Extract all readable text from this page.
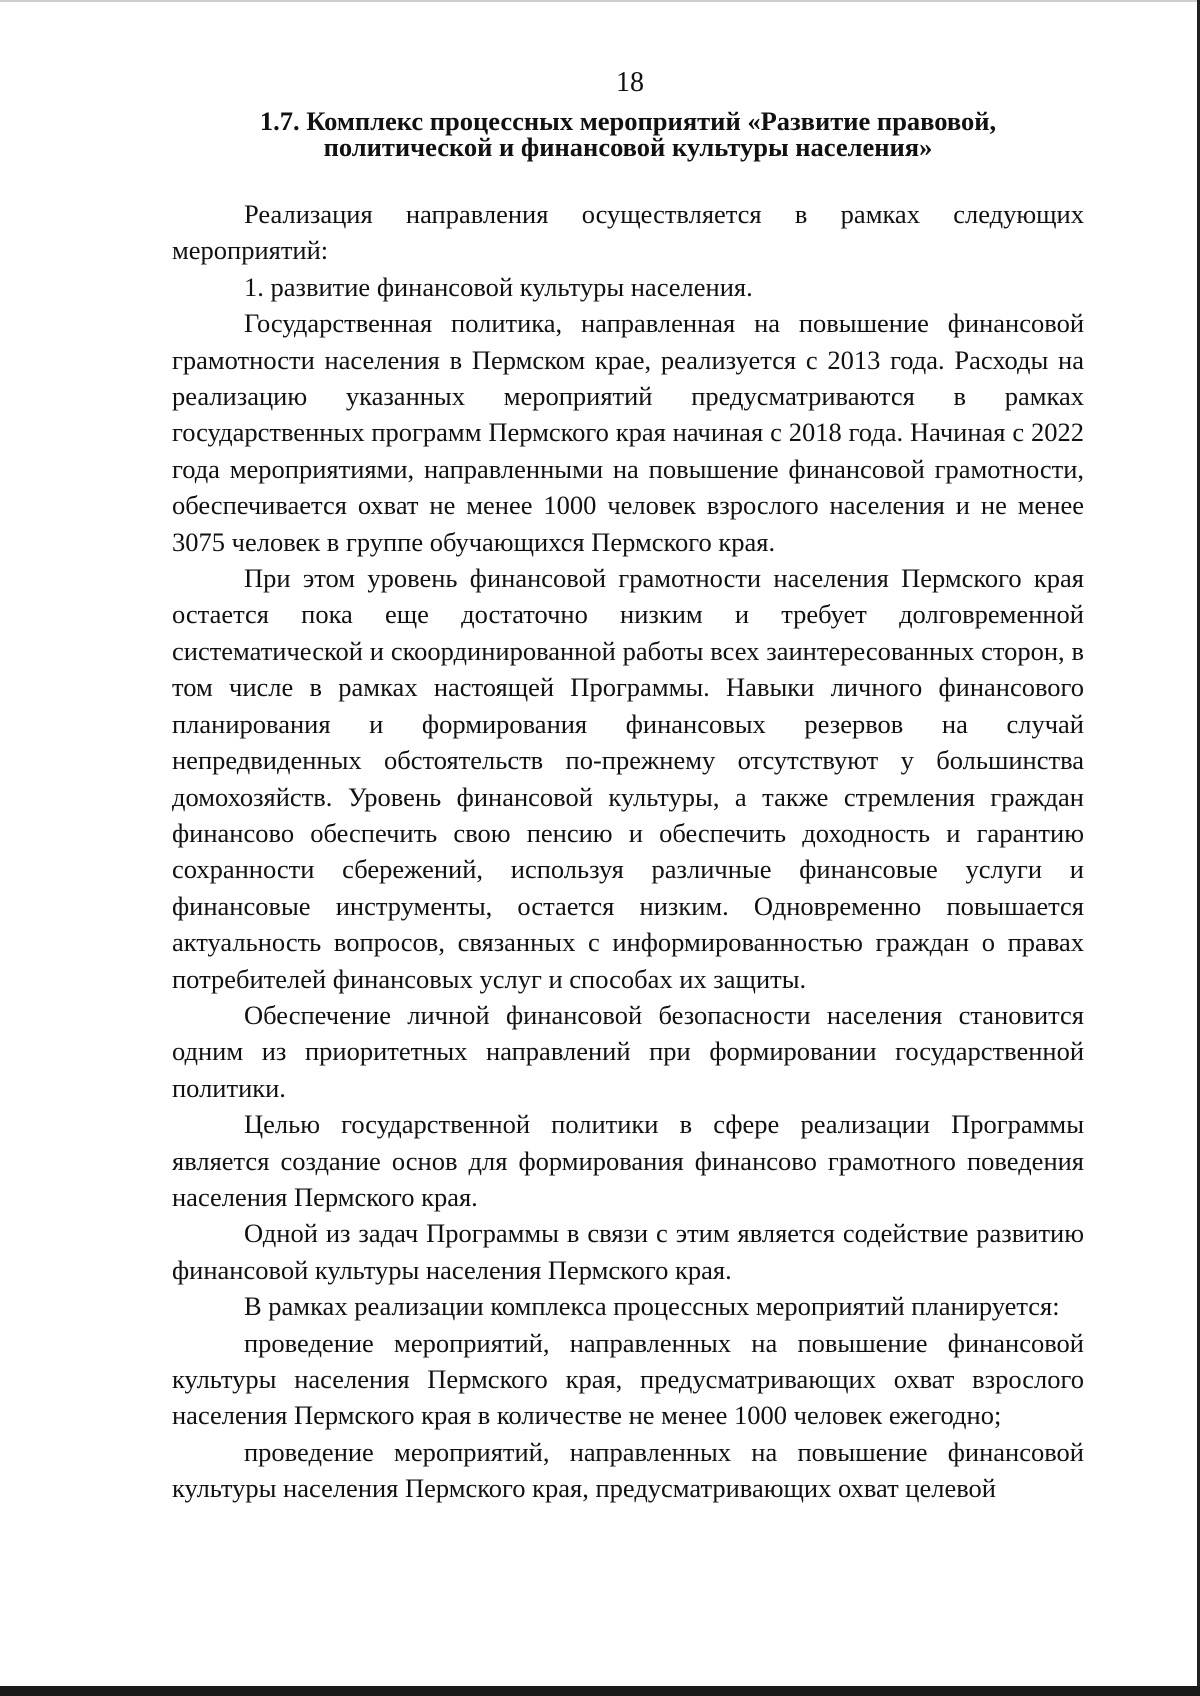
18
1.7. Комплекс процессных мероприятий «Развитие правовой,
политической и финансовой культуры населения»

Реализация направления осуществляется в рамках следующих мероприятий:

1. развитие финансовой культуры населения.

Государственная политика, направленная на повышение финансовой грамотности населения в Пермском крае, реализуется с 2013 года. Расходы на реализацию указанных мероприятий предусматриваются в рамках государственных программ Пермского края начиная с 2018 года. Начиная с 2022 года мероприятиями, направленными на повышение финансовой грамотности, обеспечивается охват не менее 1000 человек взрослого населения и не менее 3075 человек в группе обучающихся Пермского края.

При этом уровень финансовой грамотности населения Пермского края остается пока еще достаточно низким и требует долговременной систематической и скоординированной работы всех заинтересованных сторон, в том числе в рамках настоящей Программы. Навыки личного финансового планирования и формирования финансовых резервов на случай непредвиденных обстоятельств по-прежнему отсутствуют у большинства домохозяйств. Уровень финансовой культуры, а также стремления граждан финансово обеспечить свою пенсию и обеспечить доходность и гарантию сохранности сбережений, используя различные финансовые услуги и финансовые инструменты, остается низким. Одновременно повышается актуальность вопросов, связанных с информированностью граждан о правах потребителей финансовых услуг и способах их защиты.

Обеспечение личной финансовой безопасности населения становится одним из приоритетных направлений при формировании государственной политики.

Целью государственной политики в сфере реализации Программы является создание основ для формирования финансово грамотного поведения населения Пермского края.

Одной из задач Программы в связи с этим является содействие развитию финансовой культуры населения Пермского края.

В рамках реализации комплекса процессных мероприятий планируется:

проведение мероприятий, направленных на повышение финансовой культуры населения Пермского края, предусматривающих охват взрослого населения Пермского края в количестве не менее 1000 человек ежегодно;

проведение мероприятий, направленных на повышение финансовой культуры населения Пермского края, предусматривающих охват целевой
